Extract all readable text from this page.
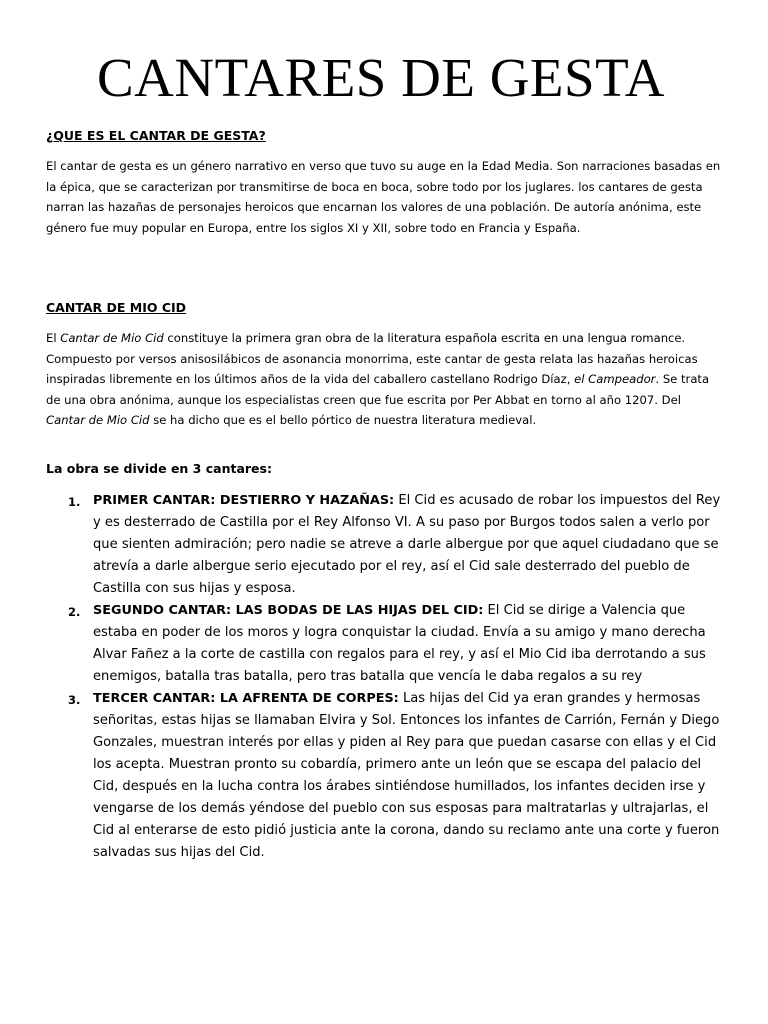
CANTARES DE GESTA
¿QUE ES EL CANTAR DE GESTA?

El cantar de gesta es un género narrativo en verso que tuvo su auge en la Edad Media. Son narraciones basadas en la épica, que se caracterizan por transmitirse de boca en boca, sobre todo por los juglares. los cantares de gesta narran las hazañas de personajes heroicos que encarnan los valores de una población. De autoría anónima, este género fue muy popular en Europa, entre los siglos XI y XII, sobre todo en Francia y España.

CANTAR DE MIO CID

El Cantar de Mio Cid constituye la primera gran obra de la literatura española escrita en una lengua romance. Compuesto por versos anisosilábicos de asonancia monorrima, este cantar de gesta relata las hazañas heroicas inspiradas libremente en los últimos años de la vida del caballero castellano Rodrigo Díaz, el Campeador. Se trata de una obra anónima, aunque los especialistas creen que fue escrita por Per Abbat en torno al año 1207. Del Cantar de Mio Cid se ha dicho que es el bello pórtico de nuestra literatura medieval.

La obra se divide en 3 cantares:

1. PRIMER CANTAR: DESTIERRO Y HAZAÑAS: El Cid es acusado de robar los impuestos del Rey y es desterrado de Castilla por el Rey Alfonso VI. A su paso por Burgos todos salen a verlo por que sienten admiración; pero nadie se atreve a darle albergue por que aquel ciudadano que se atrevía a darle albergue serio ejecutado por el rey, así el Cid sale desterrado del pueblo de Castilla con sus hijas y esposa.
2. SEGUNDO CANTAR: LAS BODAS DE LAS HIJAS DEL CID: El Cid se dirige a Valencia que estaba en poder de los moros y logra conquistar la ciudad. Envía a su amigo y mano derecha Alvar Fañez a la corte de castilla con regalos para el rey, y así el Mio Cid iba derrotando a sus enemigos, batalla tras batalla, pero tras batalla que vencía le daba regalos a su rey
3. TERCER CANTAR: LA AFRENTA DE CORPES: Las hijas del Cid ya eran grandes y hermosas señoritas, estas hijas se llamaban Elvira y Sol. Entonces los infantes de Carrión, Fernán y Diego Gonzales, muestran interés por ellas y piden al Rey para que puedan casarse con ellas y el Cid los acepta. Muestran pronto su cobardía, primero ante un león que se escapa del palacio del Cid, después en la lucha contra los árabes sintiéndose humillados, los infantes deciden irse y vengarse de los demás yéndose del pueblo con sus esposas para maltratarlas y ultrajarlas, el Cid al enterarse de esto pidió justicia ante la corona, dando su reclamo ante una corte y fueron salvadas sus hijas del Cid.
